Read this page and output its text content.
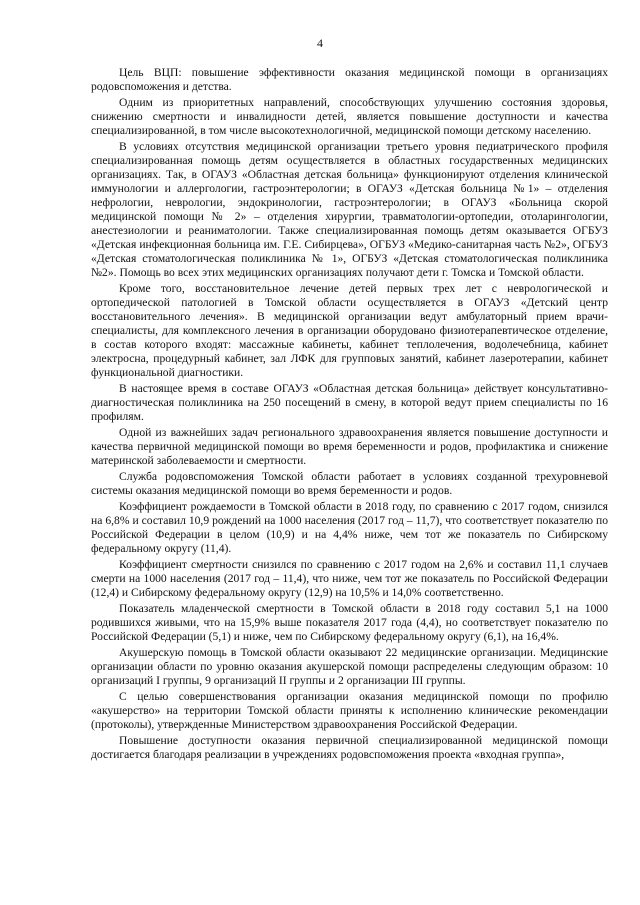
4

Цель ВЦП: повышение эффективности оказания медицинской помощи в организациях родовспоможения и детства.

Одним из приоритетных направлений, способствующих улучшению состояния здоровья, снижению смертности и инвалидности детей, является повышение доступности и качества специализированной, в том числе высокотехнологичной, медицинской помощи детскому населению.

В условиях отсутствия медицинской организации третьего уровня педиатрического профиля специализированная помощь детям осуществляется в областных государственных медицинских организациях. Так, в ОГАУЗ «Областная детская больница» функционируют отделения клинической иммунологии и аллергологии, гастроэнтерологии; в ОГАУЗ «Детская больница №1» – отделения нефрологии, неврологии, эндокринологии, гастроэнтерологии; в ОГАУЗ «Больница скорой медицинской помощи № 2» – отделения хирургии, травматологии-ортопедии, отоларингологии, анестезиологии и реаниматологии. Также специализированная помощь детям оказывается ОГБУЗ «Детская инфекционная больница им. Г.Е. Сибирцева», ОГБУЗ «Медико-санитарная часть №2», ОГБУЗ «Детская стоматологическая поликлиника № 1», ОГБУЗ «Детская стоматологическая поликлиника №2». Помощь во всех этих медицинских организациях получают дети г. Томска и Томской области.

Кроме того, восстановительное лечение детей первых трех лет с неврологической и ортопедической патологией в Томской области осуществляется в ОГАУЗ «Детский центр восстановительного лечения». В медицинской организации ведут амбулаторный прием врачи-специалисты, для комплексного лечения в организации оборудовано физиотерапевтическое отделение, в состав которого входят: массажные кабинеты, кабинет теплолечения, водолечебница, кабинет электросна, процедурный кабинет, зал ЛФК для групповых занятий, кабинет лазеротерапии, кабинет функциональной диагностики.

В настоящее время в составе ОГАУЗ «Областная детская больница» действует консультативно-диагностическая поликлиника на 250 посещений в смену, в которой ведут прием специалисты по 16 профилям.

Одной из важнейших задач регионального здравоохранения является повышение доступности и качества первичной медицинской помощи во время беременности и родов, профилактика и снижение материнской заболеваемости и смертности.

Служба родовспоможения Томской области работает в условиях созданной трехуровневой системы оказания медицинской помощи во время беременности и родов.

Коэффициент рождаемости в Томской области в 2018 году, по сравнению с 2017 годом, снизился на 6,8% и составил 10,9 рождений на 1000 населения (2017 год – 11,7), что соответствует показателю по Российской Федерации в целом (10,9) и на 4,4% ниже, чем тот же показатель по Сибирскому федеральному округу (11,4).

Коэффициент смертности снизился по сравнению с 2017 годом на 2,6% и составил 11,1 случаев смерти на 1000 населения (2017 год – 11,4), что ниже, чем тот же показатель по Российской Федерации (12,4) и Сибирскому федеральному округу (12,9) на 10,5% и 14,0% соответственно.

Показатель младенческой смертности в Томской области в 2018 году составил 5,1 на 1000 родившихся живыми, что на 15,9% выше показателя 2017 года (4,4), но соответствует показателю по Российской Федерации (5,1) и ниже, чем по Сибирскому федеральному округу (6,1), на 16,4%.

Акушерскую помощь в Томской области оказывают 22 медицинские организации. Медицинские организации области по уровню оказания акушерской помощи распределены следующим образом: 10 организаций I группы, 9 организаций II группы и 2 организации III группы.

С целью совершенствования организации оказания медицинской помощи по профилю «акушерство» на территории Томской области приняты к исполнению клинические рекомендации (протоколы), утвержденные Министерством здравоохранения Российской Федерации.

Повышение доступности оказания первичной специализированной медицинской помощи достигается благодаря реализации в учреждениях родовспоможения проекта «входная группа»,
